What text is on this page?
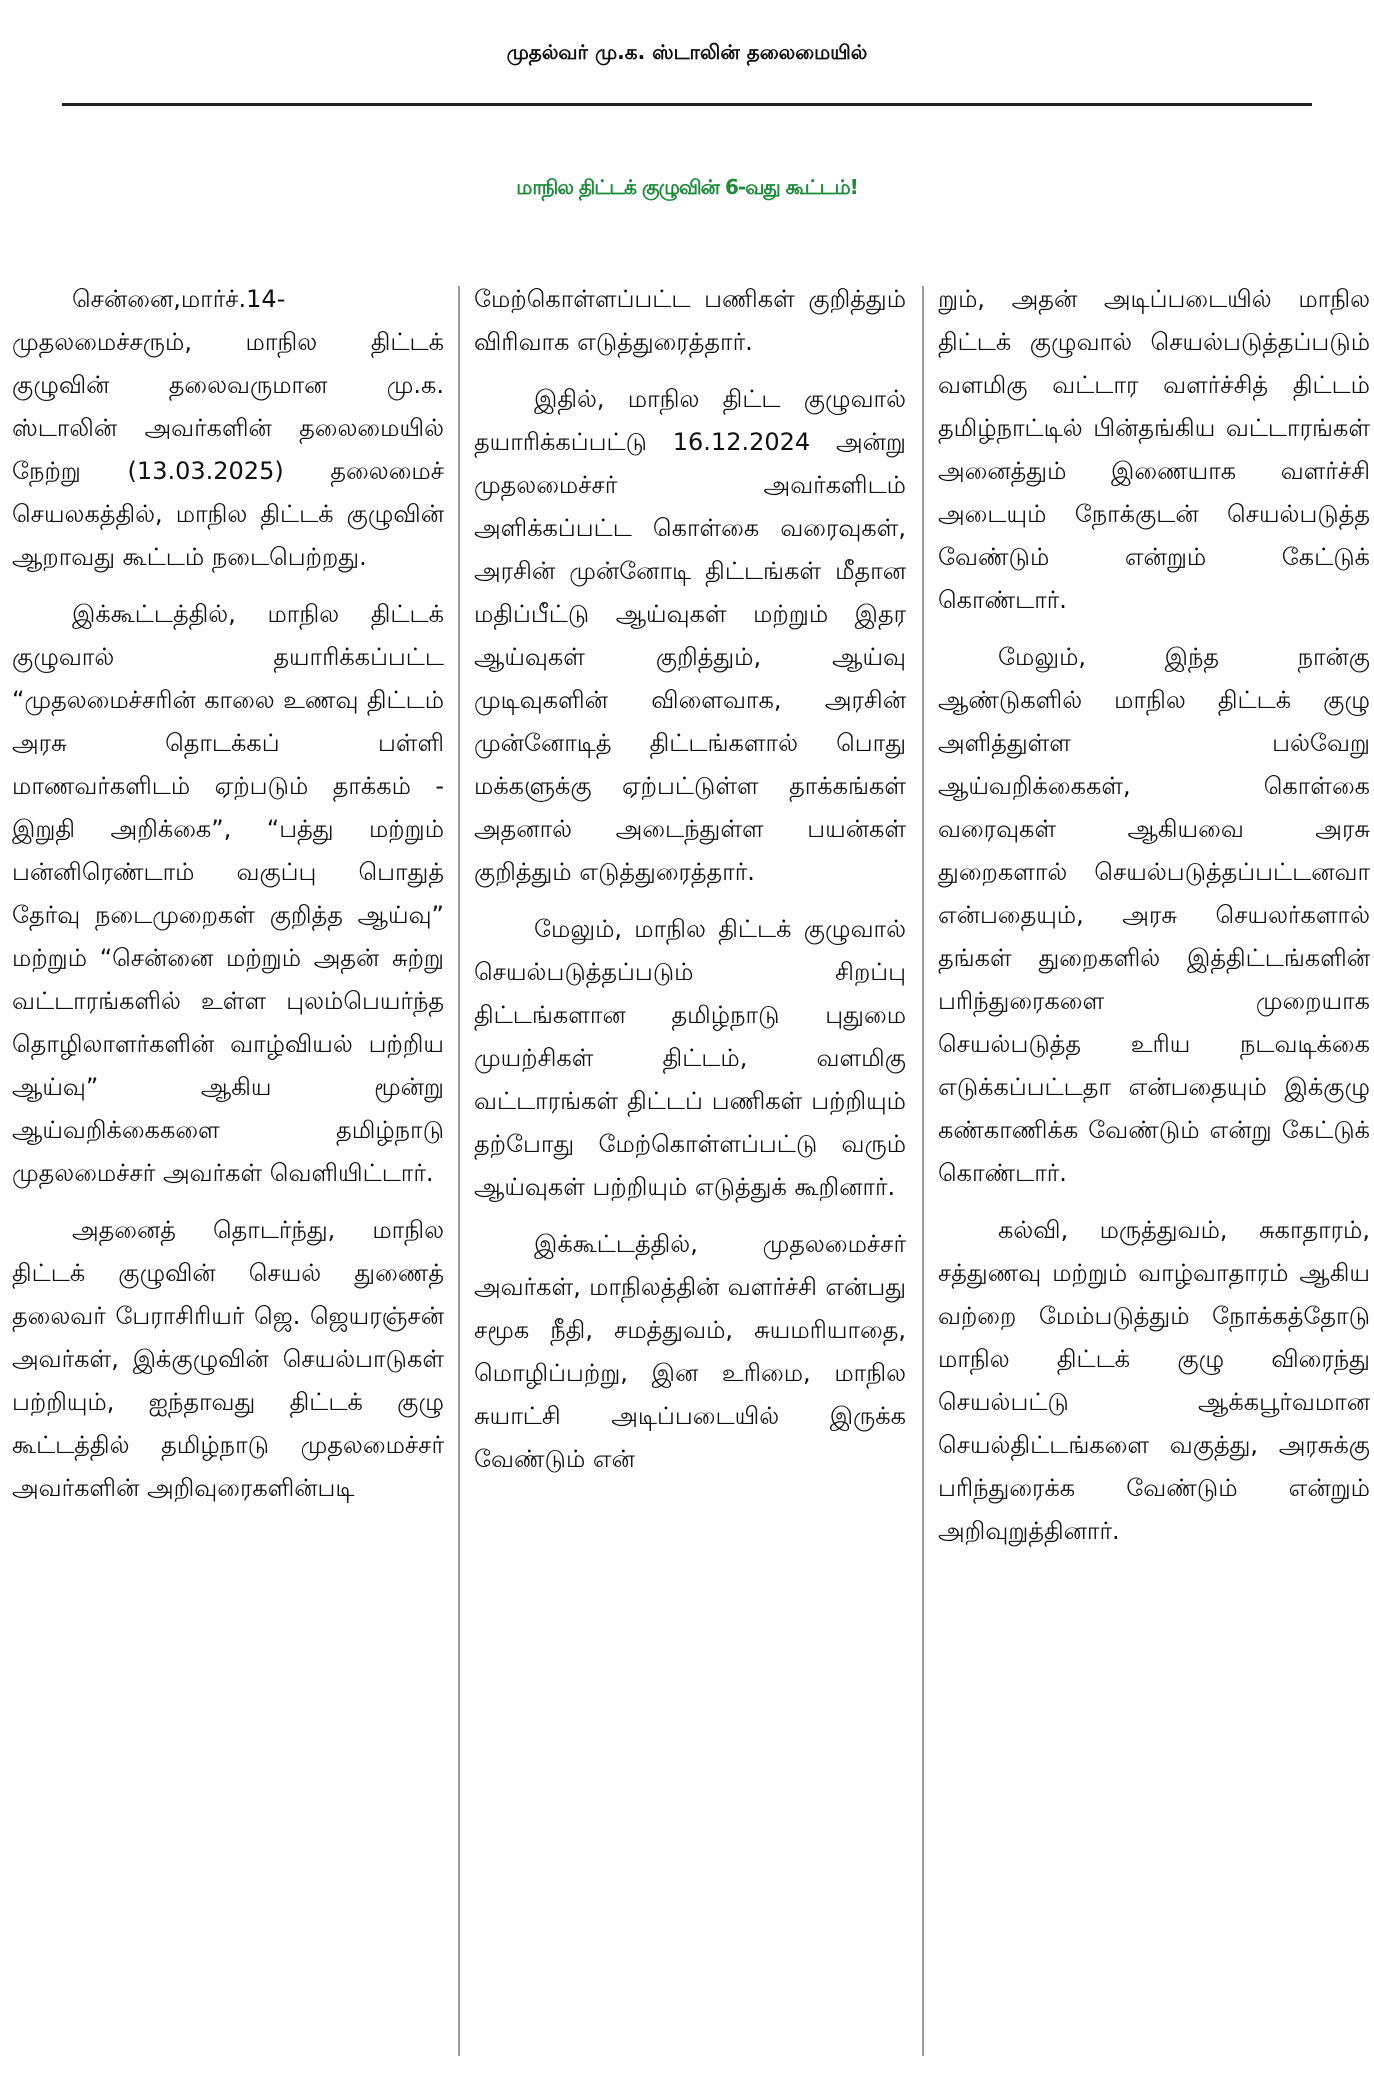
முதல்வர் மு.க. ஸ்டாலின் தலைமையில்
மாநில திட்டக் குழுவின் 6-வது கூட்டம்!

சென்னை,மார்ச்.14- முதலமைச்சரும், மாநில திட்டக் குழுவின் தலைவருமான மு.க. ஸ்டாலின் அவர்களின் தலைமையில் நேற்று (13.03.2025) தலைமைச் செயலகத்தில், மாநில திட்டக் குழுவின் ஆறாவது கூட்டம் நடைபெற்றது.

இக்கூட்டத்தில், மாநில திட்டக் குழுவால் தயாரிக்கப்பட்ட “முதலமைச்சரின் காலை உணவு திட்டம் அரசு தொடக்கப் பள்ளி மாணவர்களிடம் ஏற்படும் தாக்கம் - இறுதி அறிக்கை”, “பத்து மற்றும் பன்னிரெண்டாம் வகுப்பு பொதுத் தேர்வு நடைமுறைகள் குறித்த ஆய்வு” மற்றும் “சென்னை மற்றும் அதன் சுற்று வட்டாரங்களில் உள்ள புலம்பெயர்ந்த தொழிலாளர்களின் வாழ்வியல் பற்றிய ஆய்வு” ஆகிய மூன்று ஆய்வறிக்கைகளை தமிழ்நாடு முதலமைச்சர் அவர்கள் வெளியிட்டார்.

அதனைத் தொடர்ந்து, மாநில திட்டக் குழுவின் செயல் துணைத் தலைவர் பேராசிரியர் ஜெ. ஜெயரஞ்சன் அவர்கள், இக்குழுவின் செயல்பாடுகள் பற்றியும், ஐந்தாவது திட்டக் குழு கூட்டத்தில் தமிழ்நாடு முதலமைச்சர் அவர்களின் அறிவுரைகளின்படி

மேற்கொள்ளப்பட்ட பணிகள் குறித்தும் விரிவாக எடுத்துரைத்தார்.

இதில், மாநில திட்ட குழுவால் தயாரிக்கப்பட்டு 16.12.2024 அன்று முதலமைச்சர் அவர்களிடம் அளிக்கப்பட்ட கொள்கை வரைவுகள், அரசின் முன்னோடி திட்டங்கள் மீதான மதிப்பீட்டு ஆய்வுகள் மற்றும் இதர ஆய்வுகள் குறித்தும், ஆய்வு முடிவுகளின் விளைவாக, அரசின் முன்னோடித் திட்டங்களால் பொது மக்களுக்கு ஏற்பட்டுள்ள தாக்கங்கள் அதனால் அடைந்துள்ள பயன்கள் குறித்தும் எடுத்துரைத்தார்.

மேலும், மாநில திட்டக் குழுவால் செயல்படுத்தப்படும் சிறப்பு திட்டங்களான தமிழ்நாடு புதுமை முயற்சிகள் திட்டம், வளமிகு வட்டாரங்கள் திட்டப் பணிகள் பற்றியும் தற்போது மேற்கொள்ளப்பட்டு வரும் ஆய்வுகள் பற்றியும் எடுத்துக் கூறினார்.

இக்கூட்டத்தில், முதலமைச்சர் அவர்கள், மாநிலத்தின் வளர்ச்சி என்பது சமூக நீதி, சமத்துவம், சுயமரியாதை, மொழிப்பற்று, இன உரிமை, மாநில சுயாட்சி அடிப்படையில் இருக்க வேண்டும் என்

றும், அதன் அடிப்படையில் மாநில திட்டக் குழுவால் செயல்படுத்தப்படும் வளமிகு வட்டார வளர்ச்சித் திட்டம் தமிழ்நாட்டில் பின்தங்கிய வட்டாரங்கள் அனைத்தும் இணையாக வளர்ச்சி அடையும் நோக்குடன் செயல்படுத்த வேண்டும் என்றும் கேட்டுக் கொண்டார்.

மேலும், இந்த நான்கு ஆண்டுகளில் மாநில திட்டக் குழு அளித்துள்ள பல்வேறு ஆய்வறிக்கைகள், கொள்கை வரைவுகள் ஆகியவை அரசு துறைகளால் செயல்படுத்தப்பட்டனவா என்பதையும், அரசு செயலர்களால் தங்கள் துறைகளில் இத்திட்டங்களின் பரிந்துரைகளை முறையாக செயல்படுத்த உரிய நடவடிக்கை எடுக்கப்பட்டதா என்பதையும் இக்குழு கண்காணிக்க வேண்டும் என்று கேட்டுக் கொண்டார்.

கல்வி, மருத்துவம், சுகாதாரம், சத்துணவு மற்றும் வாழ்வாதாரம் ஆகிய வற்றை மேம்படுத்தும் நோக்கத்தோடு மாநில திட்டக் குழு விரைந்து செயல்பட்டு ஆக்கபூர்வமான செயல்திட்டங்களை வகுத்து, அரசுக்கு பரிந்துரைக்க வேண்டும் என்றும் அறிவுறுத்தினார்.
